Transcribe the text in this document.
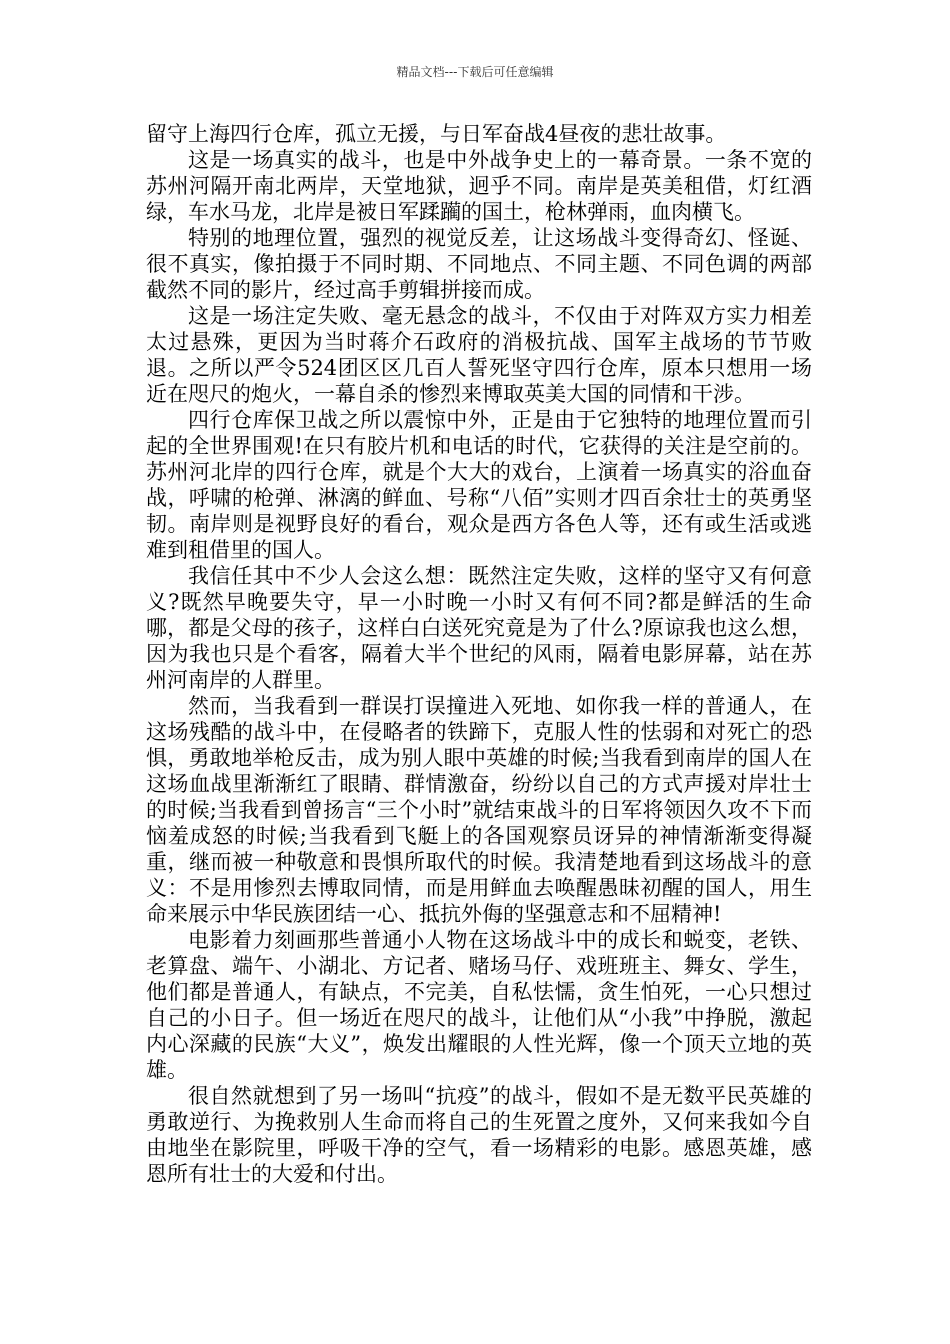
精品文档---下载后可任意编辑

留守上海四行仓库，孤立无援，与日军奋战4昼夜的悲壮故事。

这是一场真实的战斗，也是中外战争史上的一幕奇景。一条不宽的苏州河隔开南北两岸，天堂地狱，迥乎不同。南岸是英美租借，灯红酒绿，车水马龙，北岸是被日军蹂躏的国土，枪林弹雨，血肉横飞。

特别的地理位置，强烈的视觉反差，让这场战斗变得奇幻、怪诞、很不真实，像拍摄于不同时期、不同地点、不同主题、不同色调的两部截然不同的影片，经过高手剪辑拼接而成。

这是一场注定失败、毫无悬念的战斗，不仅由于对阵双方实力相差太过悬殊，更因为当时蒋介石政府的消极抗战、国军主战场的节节败退。之所以严令524团区区几百人誓死坚守四行仓库，原本只想用一场近在咫尺的炮火，一幕自杀的惨烈来博取英美大国的同情和干涉。

四行仓库保卫战之所以震惊中外，正是由于它独特的地理位置而引起的全世界围观!在只有胶片机和电话的时代，它获得的关注是空前的。苏州河北岸的四行仓库，就是个大大的戏台，上演着一场真实的浴血奋战，呼啸的枪弹、淋漓的鲜血、号称“八佰”实则才四百余壮士的英勇坚韧。南岸则是视野良好的看台，观众是西方各色人等，还有或生活或逃难到租借里的国人。

我信任其中不少人会这么想：既然注定失败，这样的坚守又有何意义?既然早晚要失守，早一小时晚一小时又有何不同?都是鲜活的生命哪，都是父母的孩子，这样白白送死究竟是为了什么?原谅我也这么想，因为我也只是个看客，隔着大半个世纪的风雨，隔着电影屏幕，站在苏州河南岸的人群里。

然而，当我看到一群误打误撞进入死地、如你我一样的普通人，在这场残酷的战斗中，在侵略者的铁蹄下，克服人性的怯弱和对死亡的恐惧，勇敢地举枪反击，成为别人眼中英雄的时候;当我看到南岸的国人在这场血战里渐渐红了眼睛、群情激奋，纷纷以自己的方式声援对岸壮士的时候;当我看到曾扬言“三个小时”就结束战斗的日军将领因久攻不下而恼羞成怒的时候;当我看到飞艇上的各国观察员讶异的神情渐渐变得凝重，继而被一种敬意和畏惧所取代的时候。我清楚地看到这场战斗的意义：不是用惨烈去博取同情，而是用鲜血去唤醒愚昧初醒的国人，用生命来展示中华民族团结一心、抵抗外侮的坚强意志和不屈精神!

电影着力刻画那些普通小人物在这场战斗中的成长和蜕变，老铁、老算盘、端午、小湖北、方记者、赌场马仔、戏班班主、舞女、学生，他们都是普通人，有缺点，不完美，自私怯懦，贪生怕死，一心只想过自己的小日子。但一场近在咫尺的战斗，让他们从“小我”中挣脱，激起内心深藏的民族“大义”，焕发出耀眼的人性光辉，像一个顶天立地的英雄。

很自然就想到了另一场叫“抗疫”的战斗，假如不是无数平民英雄的勇敢逆行、为挽救别人生命而将自己的生死置之度外，又何来我如今自由地坐在影院里，呼吸干净的空气，看一场精彩的电影。感恩英雄，感恩所有壮士的大爱和付出。
